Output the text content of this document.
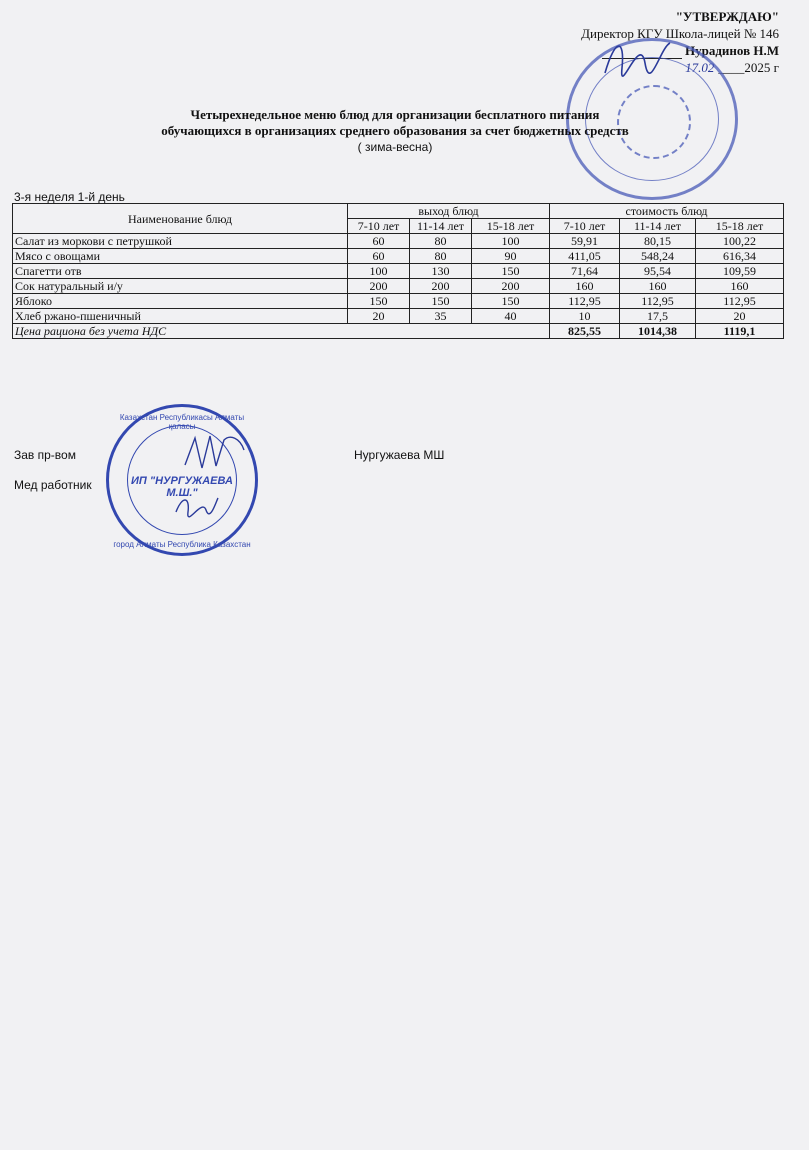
"УТВЕРЖДАЮ"
Директор КГУ Школа-лицей № 146
Нурадинов Н.М
17.02 ____2025 г
Четырехнедельное меню блюд для организации бесплатного питания
обучающихся в организациях среднего образования за счет бюджетных средств
( зима-весна)
3-я неделя 1-й день
Наименование блюд	выход блюд			стоимость блюд		
	7-10 лет	11-14 лет	15-18 лет	7-10 лет	11-14 лет	15-18 лет
Салат из моркови с петрушкой	60	80	100	59,91	80,15	100,22
Мясо с овощами	60	80	90	411,05	548,24	616,34
Спагетти отв	100	130	150	71,64	95,54	109,59
Сок натуральный и/у	200	200	200	160	160	160
Яблоко	150	150	150	112,95	112,95	112,95
Хлеб ржано-пшеничный	20	35	40	10	17,5	20
Цена рациона без учета НДС				825,55	1014,38	1119,1
Зав пр-вом	Нургужаева МШ
Мед работник
Казахстан Республикасы Алматы қаласы
ИП "НУРГУЖАЕВА М.Ш."
город Алматы Республика Казахстан
